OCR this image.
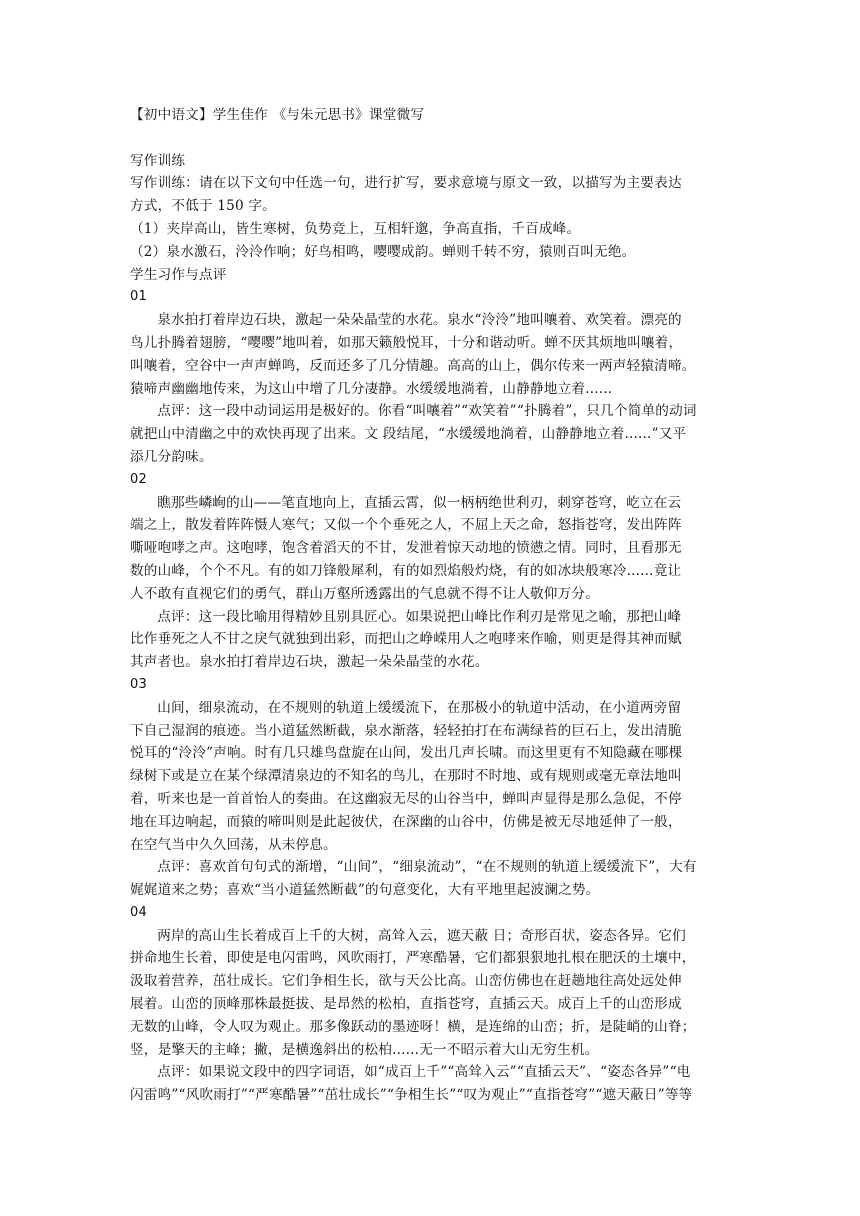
【初中语文】学生佳作 《与朱元思书》课堂微写
写作训练
写作训练：请在以下文句中任选一句，进行扩写，要求意境与原文一致，以描写为主要表达
方式，不低于 150 字。
（1）夹岸高山，皆生寒树，负势竞上，互相轩邈，争高直指，千百成峰。
（2）泉水激石，泠泠作响；好鸟相鸣，嘤嘤成韵。蝉则千转不穷，猿则百叫无绝。
学生习作与点评
01
泉水拍打着岸边石块，激起一朵朵晶莹的水花。泉水“泠泠”地叫嚷着、欢笑着。漂亮的
鸟儿扑腾着翅膀，“嘤嘤”地叫着，如那天籁般悦耳，十分和谐动听。蝉不厌其烦地叫嚷着，
叫嚷着，空谷中一声声蝉鸣，反而还多了几分情趣。高高的山上，偶尔传来一两声轻猿清啼。
猿啼声幽幽地传来，为这山中增了几分凄静。水缓缓地淌着，山静静地立着......
点评：这一段中动词运用是极好的。你看“叫嚷着”“欢笑着”“扑腾着”，只几个简单的动词
就把山中清幽之中的欢快再现了出来。文 段结尾，“水缓缓地淌着，山静静地立着......”又平
添几分韵味。
02
瞧那些嶙峋的山——笔直地向上，直插云霄，似一柄柄绝世利刃，刺穿苍穹，屹立在云
端之上，散发着阵阵慑人寒气；又似一个个垂死之人，不屈上天之命，怒指苍穹，发出阵阵
嘶哑咆哮之声。这咆哮，饱含着滔天的不甘，发泄着惊天动地的愤懑之情。同时，且看那无
数的山峰，个个不凡。有的如刀锋般犀利，有的如烈焰般灼烧，有的如冰块般寒冷......竟让
人不敢有直视它们的勇气，群山万壑所透露出的气息就不得不让人敬仰万分。
点评：这一段比喻用得精妙且别具匠心。如果说把山峰比作利刃是常见之喻，那把山峰
比作垂死之人不甘之戾气就独到出彩，而把山之峥嵘用人之咆哮来作喻，则更是得其神而赋
其声者也。泉水拍打着岸边石块，激起一朵朵晶莹的水花。
03
山间，细泉流动，在不规则的轨道上缓缓流下，在那极小的轨道中活动，在小道两旁留
下自己湿润的痕迹。当小道猛然断截，泉水渐落，轻轻拍打在布满绿苔的巨石上，发出清脆
悦耳的“泠泠”声响。时有几只雄鸟盘旋在山间，发出几声长啸。而这里更有不知隐藏在哪棵
绿树下或是立在某个绿潭清泉边的不知名的鸟儿，在那时不时地、或有规则或毫无章法地叫
着，听来也是一首首怡人的奏曲。在这幽寂无尽的山谷当中，蝉叫声显得是那么急促，不停
地在耳边响起，而猿的啼叫则是此起彼伏，在深幽的山谷中，仿佛是被无尽地延伸了一般，
在空气当中久久回荡，从未停息。
点评：喜欢首句句式的渐增，“山间”，“细泉流动”，“在不规则的轨道上缓缓流下”，大有
娓娓道来之势；喜欢“当小道猛然断截”的句意变化，大有平地里起波澜之势。
04
两岸的高山生长着成百上千的大树，高耸入云，遮天蔽 日；奇形百状，姿态各异。它们
拼命地生长着，即使是电闪雷鸣，风吹雨打，严寒酷暑，它们都狠狠地扎根在肥沃的土壤中，
汲取着营养，茁壮成长。它们争相生长，欲与天公比高。山峦仿佛也在赶趟地往高处远处伸
展着。山峦的顶峰那株最挺拔、是昂然的松柏，直指苍穹，直插云天。成百上千的山峦形成
无数的山峰，令人叹为观止。那多像跃动的墨迹呀！横，是连绵的山峦；折，是陡峭的山脊；
竖，是擎天的主峰；撇，是横逸斜出的松柏......无一不昭示着大山无穷生机。
点评：如果说文段中的四字词语，如“成百上千”“高耸入云”“直插云天”、“姿态各异”“电
闪雷鸣”“风吹雨打”“严寒酷暑”“茁壮成长”“争相生长”“叹为观止”“直指苍穹”“遮天蔽日”等等
